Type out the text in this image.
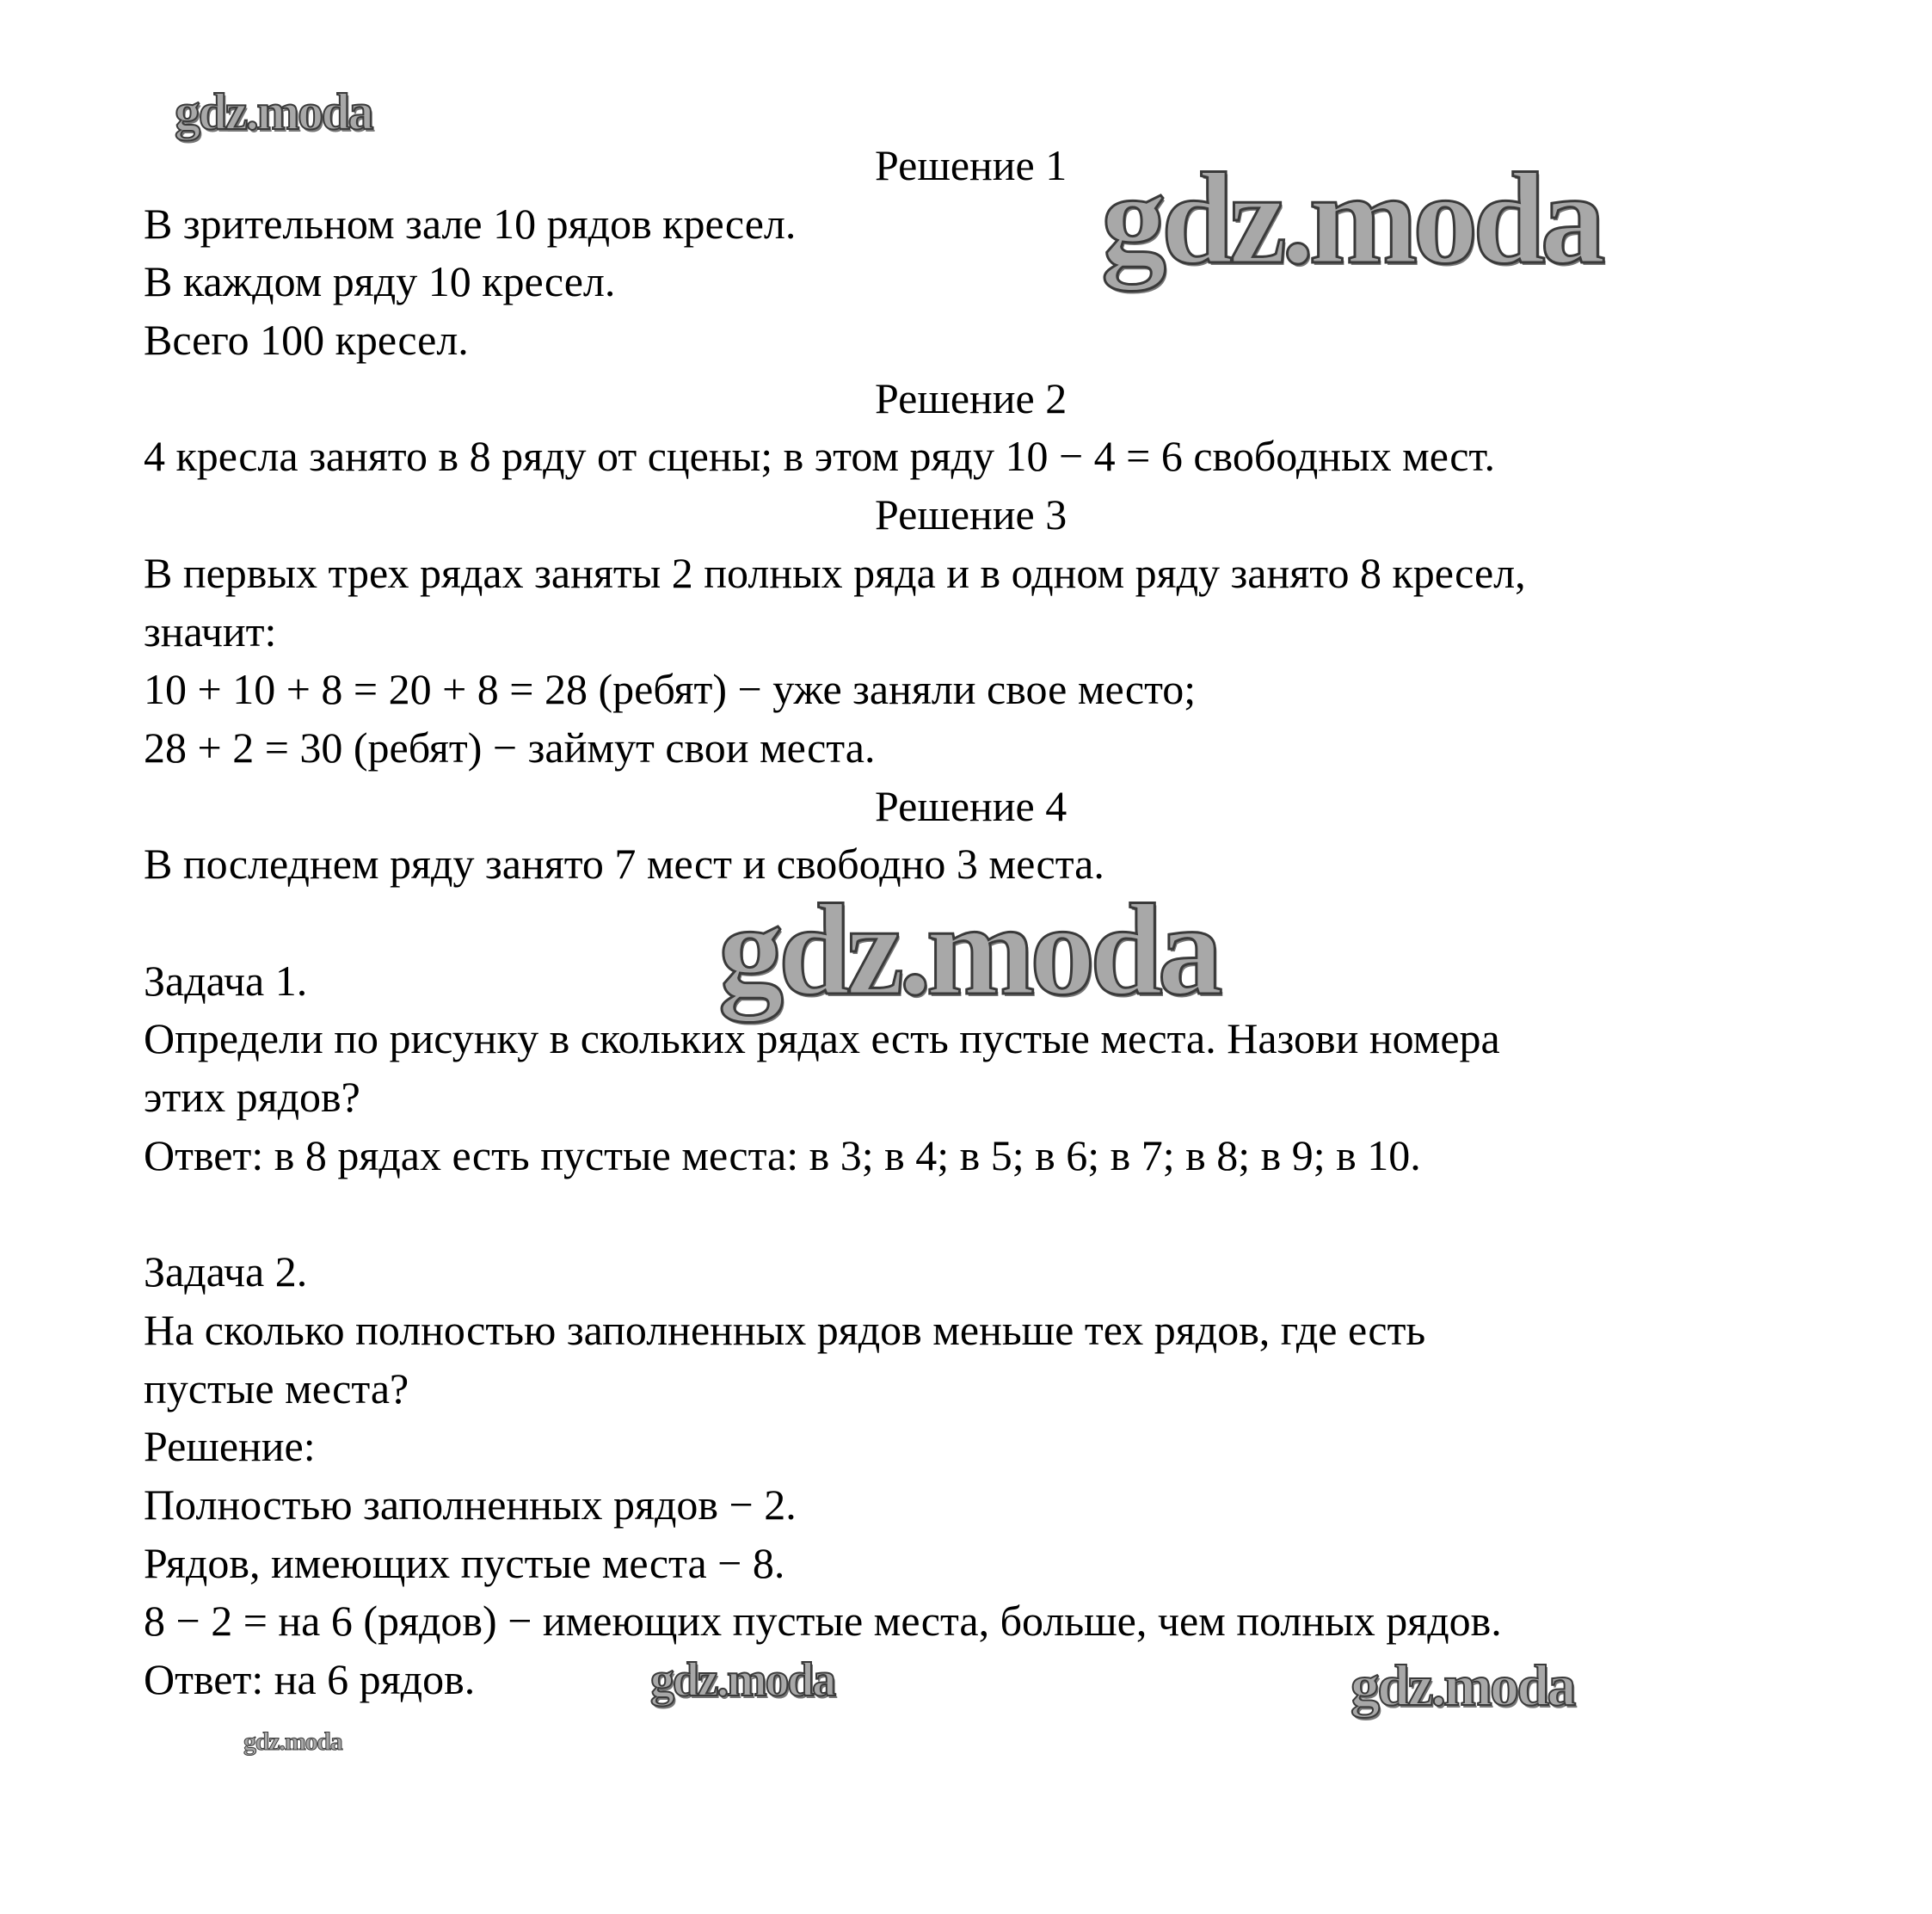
Решение 1
В зрительном зале 10 рядов кресел.
В каждом ряду 10 кресел.
Всего 100 кресел.
Решение 2
4 кресла занято в 8 ряду от сцены; в этом ряду 10 − 4 = 6 свободных мест.
Решение 3
В первых трех рядах заняты 2 полных ряда и в одном ряду занято 8 кресел,
значит:
10 + 10 + 8 = 20 + 8 = 28 (ребят) − уже заняли свое место;
28 + 2 = 30 (ребят) − займут свои места.
Решение 4
В последнем ряду занято 7 мест и свободно 3 места.
Задача 1.
Определи по рисунку в скольких рядах есть пустые места. Назови номера
этих рядов?
Ответ: в 8 рядах есть пустые места: в 3; в 4; в 5; в 6; в 7; в 8; в 9; в 10.
Задача 2.
На сколько полностью заполненных рядов меньше тех рядов, где есть
пустые места?
Решение:
Полностью заполненных рядов − 2.
Рядов, имеющих пустые места − 8.
8 − 2 = на 6 (рядов) − имеющих пустые места, больше, чем полных рядов.
Ответ: на 6 рядов.
gdz.moda
gdz.moda
gdz.moda
gdz.moda
gdz.moda	gdz.moda
